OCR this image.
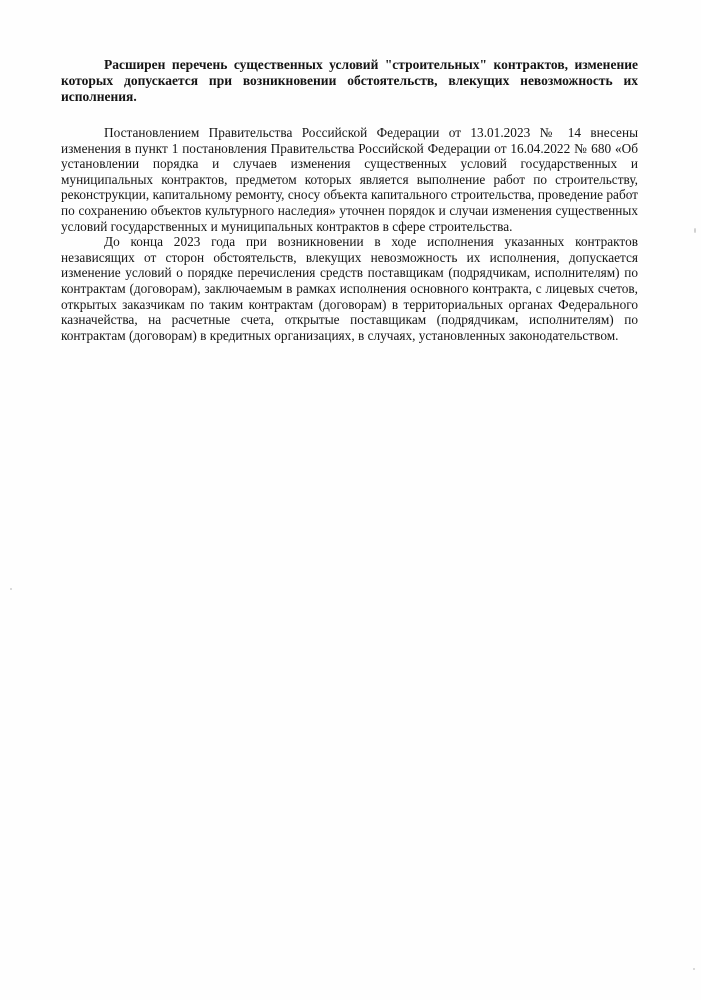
Расширен перечень существенных условий "строительных" контрактов, изменение которых допускается при возникновении обстоятельств, влекущих невозможность их исполнения.

Постановлением Правительства Российской Федерации от 13.01.2023 № 14 внесены изменения в пункт 1 постановления Правительства Российской Федерации от 16.04.2022 № 680 «Об установлении порядка и случаев изменения существенных условий государственных и муниципальных контрактов, предметом которых является выполнение работ по строительству, реконструкции, капитальному ремонту, сносу объекта капитального строительства, проведение работ по сохранению объектов культурного наследия» уточнен порядок и случаи изменения существенных условий государственных и муниципальных контрактов в сфере строительства.

До конца 2023 года при возникновении в ходе исполнения указанных контрактов независящих от сторон обстоятельств, влекущих невозможность их исполнения, допускается изменение условий о порядке перечисления средств поставщикам (подрядчикам, исполнителям) по контрактам (договорам), заключаемым в рамках исполнения основного контракта, с лицевых счетов, открытых заказчикам по таким контрактам (договорам) в территориальных органах Федерального казначейства, на расчетные счета, открытые поставщикам (подрядчикам, исполнителям) по контрактам (договорам) в кредитных организациях, в случаях, установленных законодательством.
